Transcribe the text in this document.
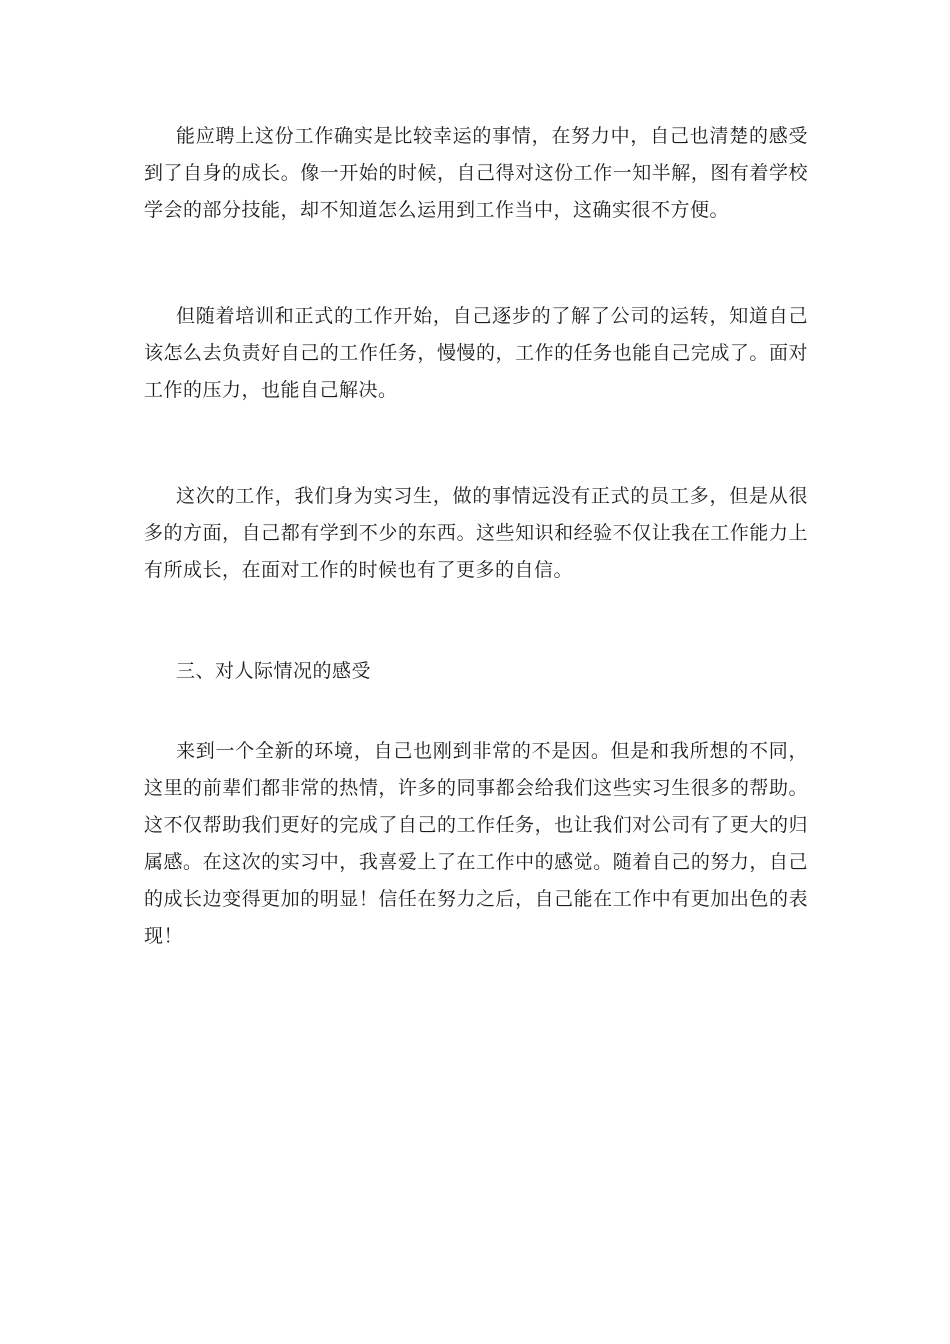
能应聘上这份工作确实是比较幸运的事情，在努力中，自己也清楚的感受到了自身的成长。像一开始的时候，自己得对这份工作一知半解，图有着学校学会的部分技能，却不知道怎么运用到工作当中，这确实很不方便。

但随着培训和正式的工作开始，自己逐步的了解了公司的运转，知道自己该怎么去负责好自己的工作任务，慢慢的，工作的任务也能自己完成了。面对工作的压力，也能自己解决。

这次的工作，我们身为实习生，做的事情远没有正式的员工多，但是从很多的方面，自己都有学到不少的东西。这些知识和经验不仅让我在工作能力上有所成长，在面对工作的时候也有了更多的自信。

三、对人际情况的感受

来到一个全新的环境，自己也刚到非常的不是因。但是和我所想的不同，这里的前辈们都非常的热情，许多的同事都会给我们这些实习生很多的帮助。这不仅帮助我们更好的完成了自己的工作任务，也让我们对公司有了更大的归属感。在这次的实习中，我喜爱上了在工作中的感觉。随着自己的努力，自己的成长边变得更加的明显！信任在努力之后，自己能在工作中有更加出色的表现！
